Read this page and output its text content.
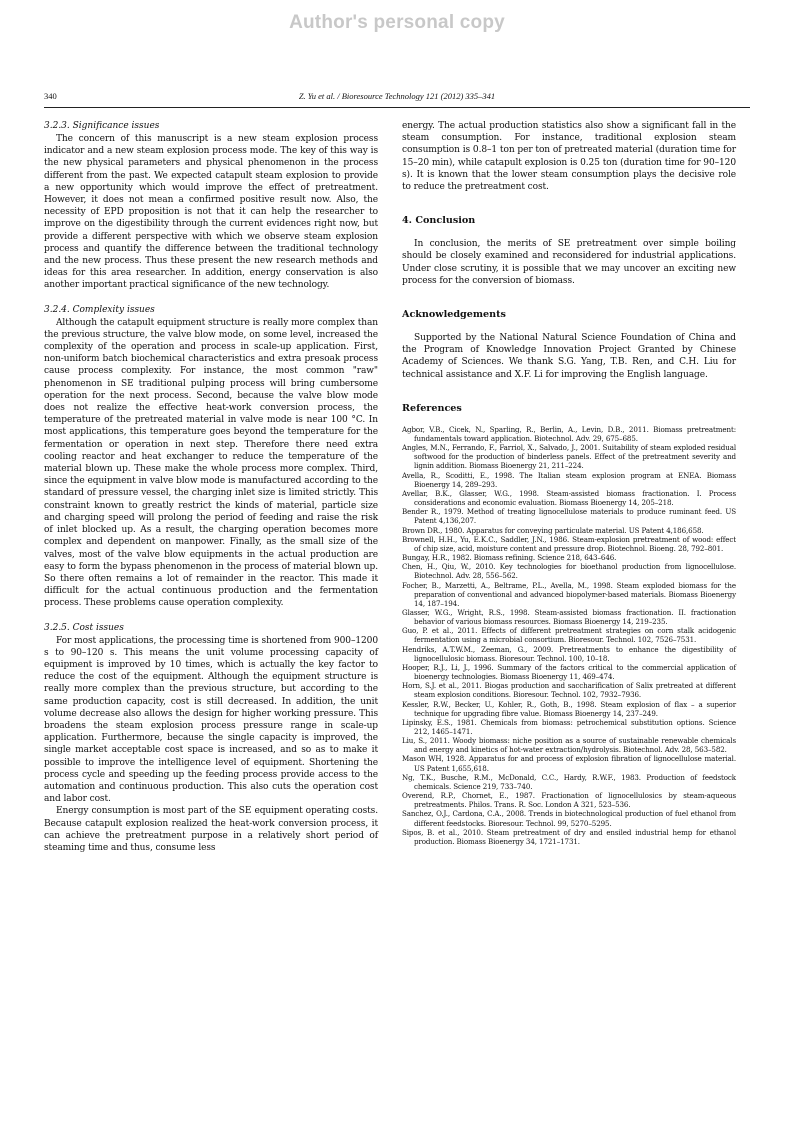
Author's personal copy
340	Z. Yu et al. / Bioresource Technology 121 (2012) 335–341
3.2.3. Significance issues

The concern of this manuscript is a new steam explosion process indicator and a new steam explosion process mode. The key of this way is the new physical parameters and physical phenomenon in the process different from the past. We expected catapult steam explosion to provide a new opportunity which would improve the effect of pretreatment. However, it does not mean a confirmed positive result now. Also, the necessity of EPD proposition is not that it can help the researcher to improve on the digestibility through the current evidences right now, but provide a different perspective with which we observe steam explosion process and quantify the difference between the traditional technology and the new process. Thus these present the new research methods and ideas for this area researcher. In addition, energy conservation is also another important practical significance of the new technology.

3.2.4. Complexity issues

Although the catapult equipment structure is really more complex than the previous structure, the valve blow mode, on some level, increased the complexity of the operation and process in scale-up application. First, non-uniform batch biochemical characteristics and extra presoak process cause process complexity. For instance, the most common "raw" phenomenon in SE traditional pulping process will bring cumbersome operation for the next process. Second, because the valve blow mode does not realize the effective heat-work conversion process, the temperature of the pretreated material in valve mode is near 100 °C. In most applications, this temperature goes beyond the temperature for the fermentation or operation in next step. Therefore there need extra cooling reactor and heat exchanger to reduce the temperature of the material blown up. These make the whole process more complex. Third, since the equipment in valve blow mode is manufactured according to the standard of pressure vessel, the charging inlet size is limited strictly. This constraint known to greatly restrict the kinds of material, particle size and charging speed will prolong the period of feeding and raise the risk of inlet blocked up. As a result, the charging operation becomes more complex and dependent on manpower. Finally, as the small size of the valves, most of the valve blow equipments in the actual production are easy to form the bypass phenomenon in the process of material blown up. So there often remains a lot of remainder in the reactor. This made it difficult for the actual continuous production and the fermentation process. These problems cause operation complexity.

3.2.5. Cost issues

For most applications, the processing time is shortened from 900–1200 s to 90–120 s. This means the unit volume processing capacity of equipment is improved by 10 times, which is actually the key factor to reduce the cost of the equipment. Although the equipment structure is really more complex than the previous structure, but according to the same production capacity, cost is still decreased. In addition, the unit volume decrease also allows the design for higher working pressure. This broadens the steam explosion process pressure range in scale-up application. Furthermore, because the single capacity is improved, the single market acceptable cost space is increased, and so as to make it possible to improve the intelligence level of equipment. Shortening the process cycle and speeding up the feeding process provide access to the automation and continuous production. This also cuts the operation cost and labor cost.

Energy consumption is most part of the SE equipment operating costs. Because catapult explosion realized the heat-work conversion process, it can achieve the pretreatment purpose in a relatively short period of steaming time and thus, consume less

energy. The actual production statistics also show a significant fall in the steam consumption. For instance, traditional explosion steam consumption is 0.8–1 ton per ton of pretreated material (duration time for 15–20 min), while catapult explosion is 0.25 ton (duration time for 90–120 s). It is known that the lower steam consumption plays the decisive role to reduce the pretreatment cost.

4. Conclusion

In conclusion, the merits of SE pretreatment over simple boiling should be closely examined and reconsidered for industrial applications. Under close scrutiny, it is possible that we may uncover an exciting new process for the conversion of biomass.

Acknowledgements

Supported by the National Natural Science Foundation of China and the Program of Knowledge Innovation Project Granted by Chinese Academy of Sciences. We thank S.G. Yang, T.B. Ren, and C.H. Liu for technical assistance and X.F. Li for improving the English language.

References
Agbor, V.B., Cicek, N., Sparling, R., Berlin, A., Levin, D.B., 2011. Biomass pretreatment: fundamentals toward application. Biotechnol. Adv. 29, 675–685.
Angles, M.N., Ferrando, F., Farriol, X., Salvado, J., 2001. Suitability of steam exploded residual softwood for the production of binderless panels. Effect of the pretreatment severity and lignin addition. Biomass Bioenergy 21, 211–224.
Avella, R., Scoditti, E., 1998. The Italian steam explosion program at ENEA. Biomass Bioenergy 14, 289–293.
Avellar, B.K., Glasser, W.G., 1998. Steam-assisted biomass fractionation. I. Process considerations and economic evaluation. Biomass Bioenergy 14, 205–218.
Bender R., 1979. Method of treating lignocellulose materials to produce ruminant feed. US Patent 4,136,207.
Brown DR., 1980. Apparatus for conveying particulate material. US Patent 4,186,658.
Brownell, H.H., Yu, E.K.C., Saddler, J.N., 1986. Steam-explosion pretreatment of wood: effect of chip size, acid, moisture content and pressure drop. Biotechnol. Bioeng. 28, 792–801.
Bungay, H.R., 1982. Biomass refining. Science 218, 643–646.
Chen, H., Qiu, W., 2010. Key technologies for bioethanol production from lignocellulose. Biotechnol. Adv. 28, 556–562.
Focher, B., Marzetti, A., Beltrame, P.L., Avella, M., 1998. Steam exploded biomass for the preparation of conventional and advanced biopolymer-based materials. Biomass Bioenergy 14, 187–194.
Glasser, W.G., Wright, R.S., 1998. Steam-assisted biomass fractionation. II. fractionation behavior of various biomass resources. Biomass Bioenergy 14, 219–235.
Guo, P. et al., 2011. Effects of different pretreatment strategies on corn stalk acidogenic fermentation using a microbial consortium. Bioresour. Technol. 102, 7526–7531.
Hendriks, A.T.W.M., Zeeman, G., 2009. Pretreatments to enhance the digestibility of lignocellulosic biomass. Bioresour. Technol. 100, 10–18.
Hooper, R.J., Li, J., 1996. Summary of the factors critical to the commercial application of bioenergy technologies. Biomass Bioenergy 11, 469–474.
Horn, S.J. et al., 2011. Biogas production and saccharification of Salix pretreated at different steam explosion conditions. Bioresour. Technol. 102, 7932–7936.
Kessler, R.W., Becker, U., Kohler, R., Goth, B., 1998. Steam explosion of flax – a superior technique for upgrading fibre value. Biomass Bioenergy 14, 237–249.
Lipinsky, E.S., 1981. Chemicals from biomass: petrochemical substitution options. Science 212, 1465–1471.
Liu, S., 2011. Woody biomass: niche position as a source of sustainable renewable chemicals and energy and kinetics of hot-water extraction/hydrolysis. Biotechnol. Adv. 28, 563–582.
Mason WH, 1928. Apparatus for and process of explosion fibration of lignocellulose material. US Patent 1,655,618.
Ng, T.K., Busche, R.M., McDonald, C.C., Hardy, R.W.F., 1983. Production of feedstock chemicals. Science 219, 733–740.
Overend, R.P., Chornet, E., 1987. Fractionation of lignocellulosics by steam-aqueous pretreatments. Philos. Trans. R. Soc. London A 321, 523–536.
Sanchez, O.J., Cardona, C.A., 2008. Trends in biotechnological production of fuel ethanol from different feedstocks. Bioresour. Technol. 99, 5270–5295.
Sipos, B. et al., 2010. Steam pretreatment of dry and ensiled industrial hemp for ethanol production. Biomass Bioenergy 34, 1721–1731.
